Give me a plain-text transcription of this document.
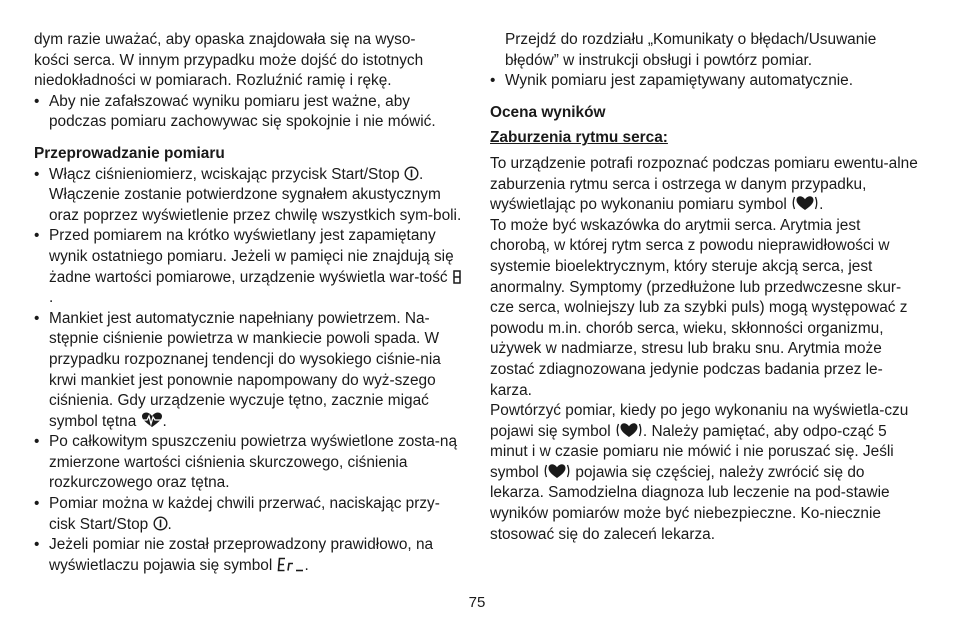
dym razie uważać, aby opaska znajdowała się na wyso-

kości serca. W innym przypadku może dojść do istotnych

niedokładności w pomiarach. Rozluźnić ramię i rękę.

• Aby nie zafałszować wyniku pomiaru jest ważne, aby podczas pomiaru zachowywac się spokojnie i nie mówić.
Przeprowadzanie pomiaru
• Włącz ciśnieniomierz, wciskając przycisk Start/Stop . Włączenie zostanie potwierdzone sygnałem akustycznym oraz poprzez wyświetlenie przez chwilę wszystkich sym-boli.
• Przed pomiarem na krótko wyświetlany jest zapamiętany wynik ostatniego pomiaru. Jeżeli w pamięci nie znajdują się żadne wartości pomiarowe, urządzenie wyświetla war-tość .
• Mankiet jest automatycznie napełniany powietrzem. Na-stępnie ciśnienie powietrza w mankiecie powoli spada. W przypadku rozpoznanej tendencji do wysokiego ciśnie-nia krwi mankiet jest ponownie napompowany do wyż-szego ciśnienia. Gdy urządzenie wyczuje tętno, zacznie migać symbol tętna .
• Po całkowitym spuszczeniu powietrza wyświetlone zosta-ną zmierzone wartości ciśnienia skurczowego, ciśnienia rozkurczowego oraz tętna.
• Pomiar można w każdej chwili przerwać, naciskając przy-cisk Start/Stop .
• Jeżeli pomiar nie został przeprowadzony prawidłowo, na wyświetlaczu pojawia się symbol .

Przejdź do rozdziału „Komunikaty o błędach/Usuwanie błędów” w instrukcji obsługi i powtórz pomiar.

• Wynik pomiaru jest zapamiętywany automatycznie.
Ocena wyników
Zaburzenia rytmu serca:

To urządzenie potrafi rozpoznać podczas pomiaru ewentu-alne zaburzenia rytmu serca i ostrzega w danym przypadku, wyświetlając po wykonaniu pomiaru symbol .

To może być wskazówka do arytmii serca. Arytmia jest chorobą, w której rytm serca z powodu nieprawidłowości w systemie bioelektrycznym, który steruje akcją serca, jest anormalny. Symptomy (przedłużone lub przedwczesne skur-cze serca, wolniejszy lub za szybki puls) mogą występować z powodu m.in. chorób serca, wieku, skłonności organizmu, używek w nadmiarze, stresu lub braku snu. Arytmia może zostać zdiagnozowana jedynie podczas badania przez le-karza.

Powtórzyć pomiar, kiedy po jego wykonaniu na wyświetla-czu pojawi się symbol . Należy pamiętać, aby odpo-cząć 5 minut i w czasie pomiaru nie mówić i nie poruszać się. Jeśli symbol pojawia się częściej, należy zwrócić się do lekarza. Samodzielna diagnoza lub leczenie na pod-stawie wyników pomiarów może być niebezpieczne. Ko-niecznie stosować się do zaleceń lekarza.

75
